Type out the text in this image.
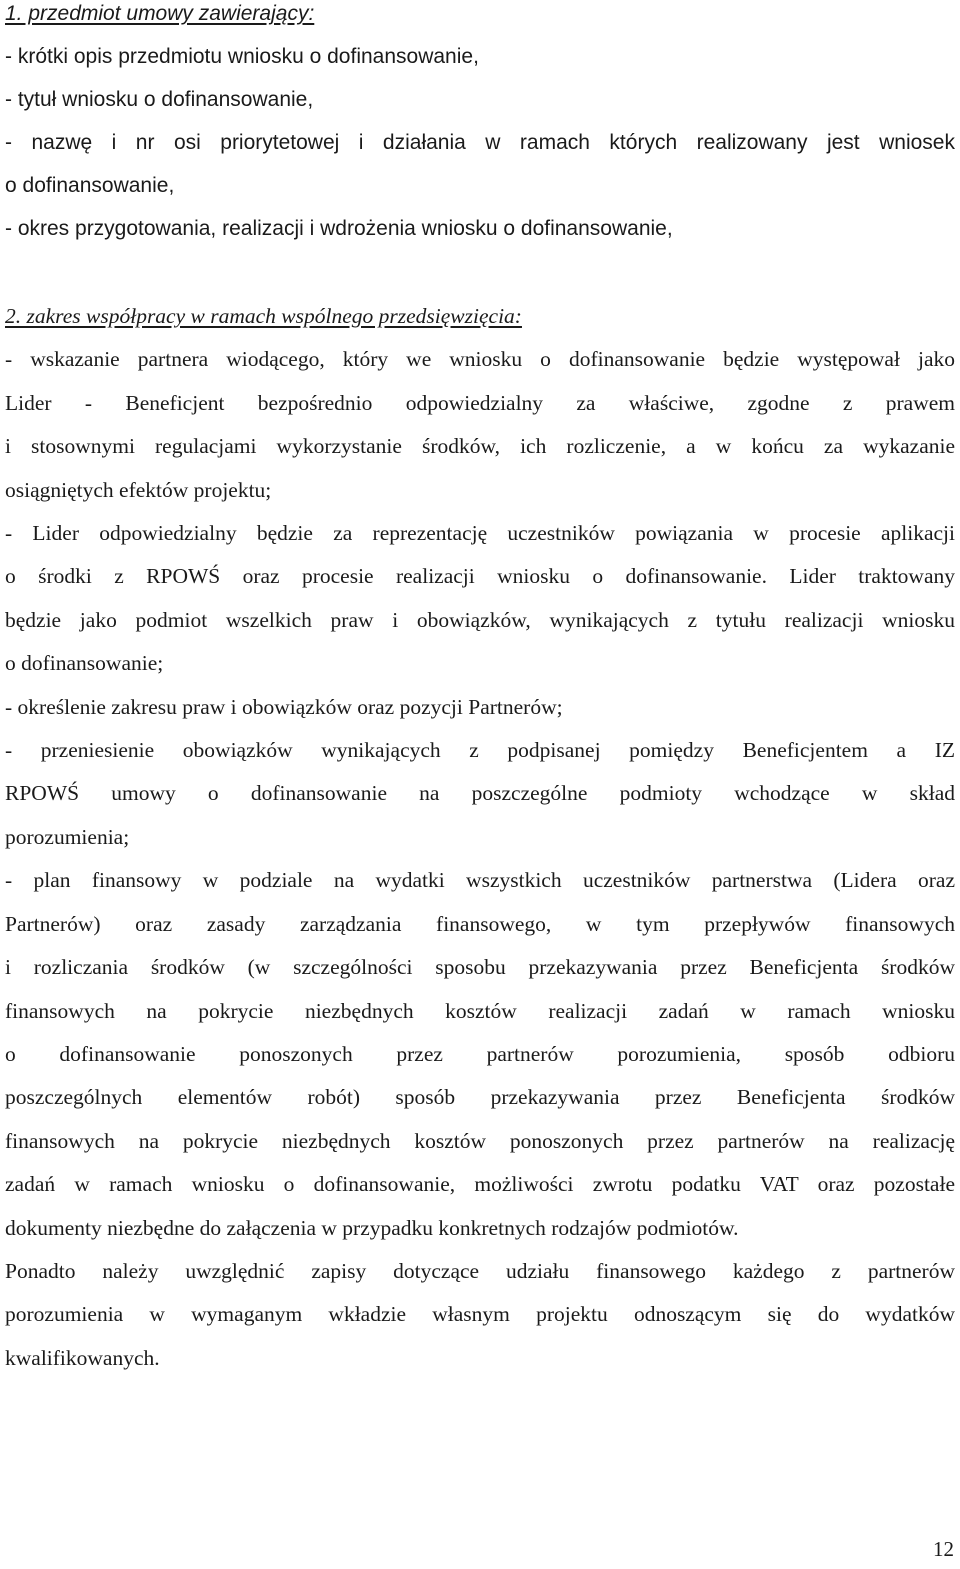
1. przedmiot umowy zawierający:
- krótki opis przedmiotu wniosku o dofinansowanie,
- tytuł wniosku o dofinansowanie,
- nazwę i nr osi priorytetowej i działania w ramach których realizowany jest wniosek
o dofinansowanie,
- okres przygotowania, realizacji i wdrożenia wniosku o dofinansowanie,
2. zakres współpracy w ramach wspólnego przedsięwzięcia:
- wskazanie partnera wiodącego, który we wniosku o dofinansowanie będzie występował jako
Lider - Beneficjent bezpośrednio odpowiedzialny za właściwe, zgodne z prawem
i stosownymi regulacjami wykorzystanie środków, ich rozliczenie, a w końcu za wykazanie
osiągniętych efektów projektu;
- Lider odpowiedzialny będzie za reprezentację uczestników powiązania w procesie aplikacji
o środki z RPOWŚ oraz procesie realizacji wniosku o dofinansowanie. Lider traktowany
będzie jako podmiot wszelkich praw i obowiązków, wynikających z tytułu realizacji wniosku
o dofinansowanie;
- określenie zakresu praw i obowiązków oraz pozycji Partnerów;
- przeniesienie obowiązków wynikających z podpisanej pomiędzy Beneficjentem a IZ
RPOWŚ umowy o dofinansowanie na poszczególne podmioty wchodzące w skład
porozumienia;
- plan finansowy w podziale na wydatki wszystkich uczestników partnerstwa (Lidera oraz
Partnerów) oraz zasady zarządzania finansowego, w tym przepływów finansowych
i rozliczania środków (w szczególności sposobu przekazywania przez Beneficjenta środków
finansowych na pokrycie niezbędnych kosztów realizacji zadań w ramach wniosku
o dofinansowanie ponoszonych przez partnerów porozumienia, sposób odbioru
poszczególnych elementów robót) sposób przekazywania przez Beneficjenta środków
finansowych na pokrycie niezbędnych kosztów ponoszonych przez partnerów na realizację
zadań w ramach wniosku o dofinansowanie, możliwości zwrotu podatku VAT oraz pozostałe
dokumenty niezbędne do załączenia w przypadku konkretnych rodzajów podmiotów.
Ponadto należy uwzględnić zapisy dotyczące udziału finansowego każdego z partnerów
porozumienia w wymaganym wkładzie własnym projektu odnoszącym się do wydatków
kwalifikowanych.
12
